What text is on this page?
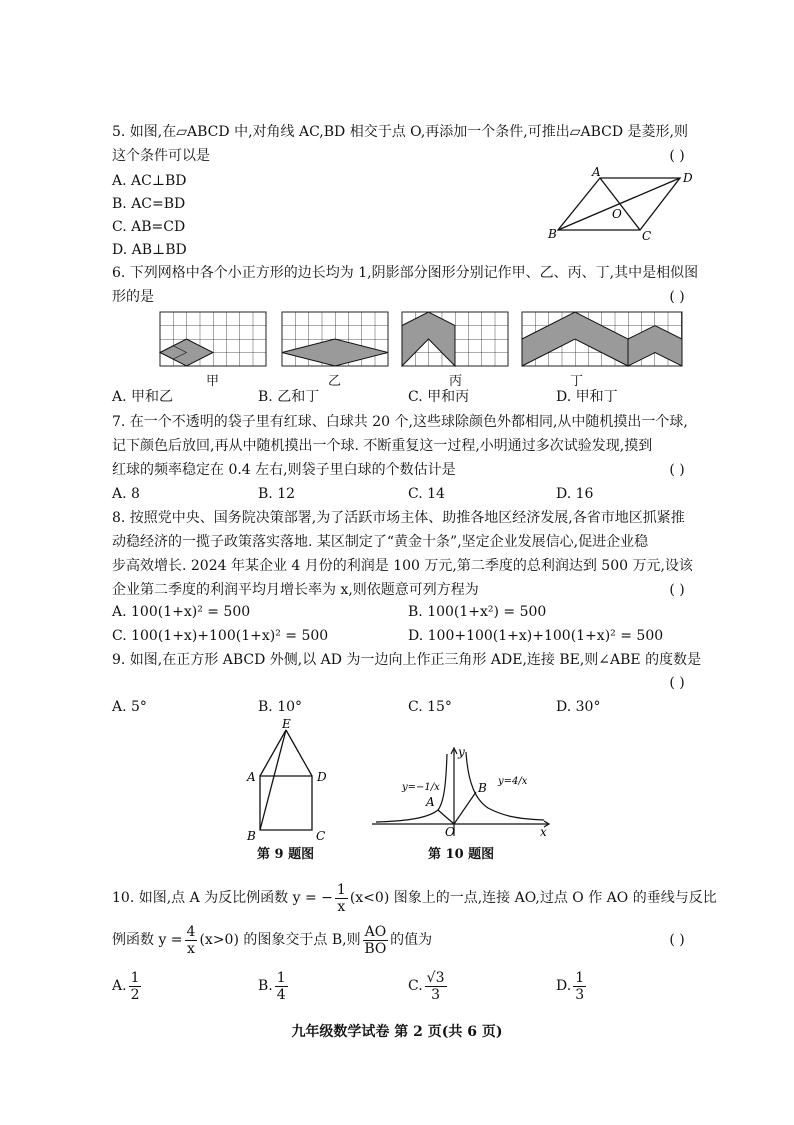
5. 如图,在▱ABCD 中,对角线 AC,BD 相交于点 O,再添加一个条件,可推出▱ABCD 是菱形,则
这个条件可以是	( )
A. AC⊥BD
B. AC=BD
C. AB=CD
D. AB⊥BD
A	D
B	C
O
6. 下列网格中各个小正方形的边长均为 1,阴影部分图形分别记作甲、乙、丙、丁,其中是相似图
形的是	( )
甲	乙	丙	丁
A. 甲和乙	B. 乙和丁	C. 甲和丙	D. 甲和丁
7. 在一个不透明的袋子里有红球、白球共 20 个,这些球除颜色外都相同,从中随机摸出一个球,
记下颜色后放回,再从中随机摸出一个球. 不断重复这一过程,小明通过多次试验发现,摸到
红球的频率稳定在 0.4 左右,则袋子里白球的个数估计是	( )
A. 8	B. 12	C. 14	D. 16
8. 按照党中央、国务院决策部署,为了活跃市场主体、助推各地区经济发展,各省市地区抓紧推
动稳经济的一揽子政策落实落地. 某区制定了“黄金十条”,坚定企业发展信心,促进企业稳
步高效增长. 2024 年某企业 4 月份的利润是 100 万元,第二季度的总利润达到 500 万元,设该
企业第二季度的利润平均月增长率为 x,则依题意可列方程为	( )
A. 100(1+x)² = 500	B. 100(1+x²) = 500
C. 100(1+x)+100(1+x)² = 500	D. 100+100(1+x)+100(1+x)² = 500
9. 如图,在正方形 ABCD 外侧,以 AD 为一边向上作正三角形 ADE,连接 BE,则∠ABE 的度数是
( )
A. 5°	B. 10°	C. 15°	D. 30°
E
A	D
B	C
第 9 题图
y
x
O
A
B
y=−1/x
y=4/x
第 10 题图
10. 如图,点 A 为反比例函数 y = − $\frac{1}{x} (x<0)$ 图象上的一点,连接 AO,过点 O 作 AO 的垂线与反比
例函数 $y = \frac{4}{x} (x>0)$ 的图象交于点 B,则 $\frac{AO}{BO}$ 的值为	( )
A. $\frac{1}{2}$	B. $\frac{1}{4}$	C. $\frac{√3}{3}$	D. $\frac{1}{3}$
九年级数学试卷 第 2 页(共 6 页)
